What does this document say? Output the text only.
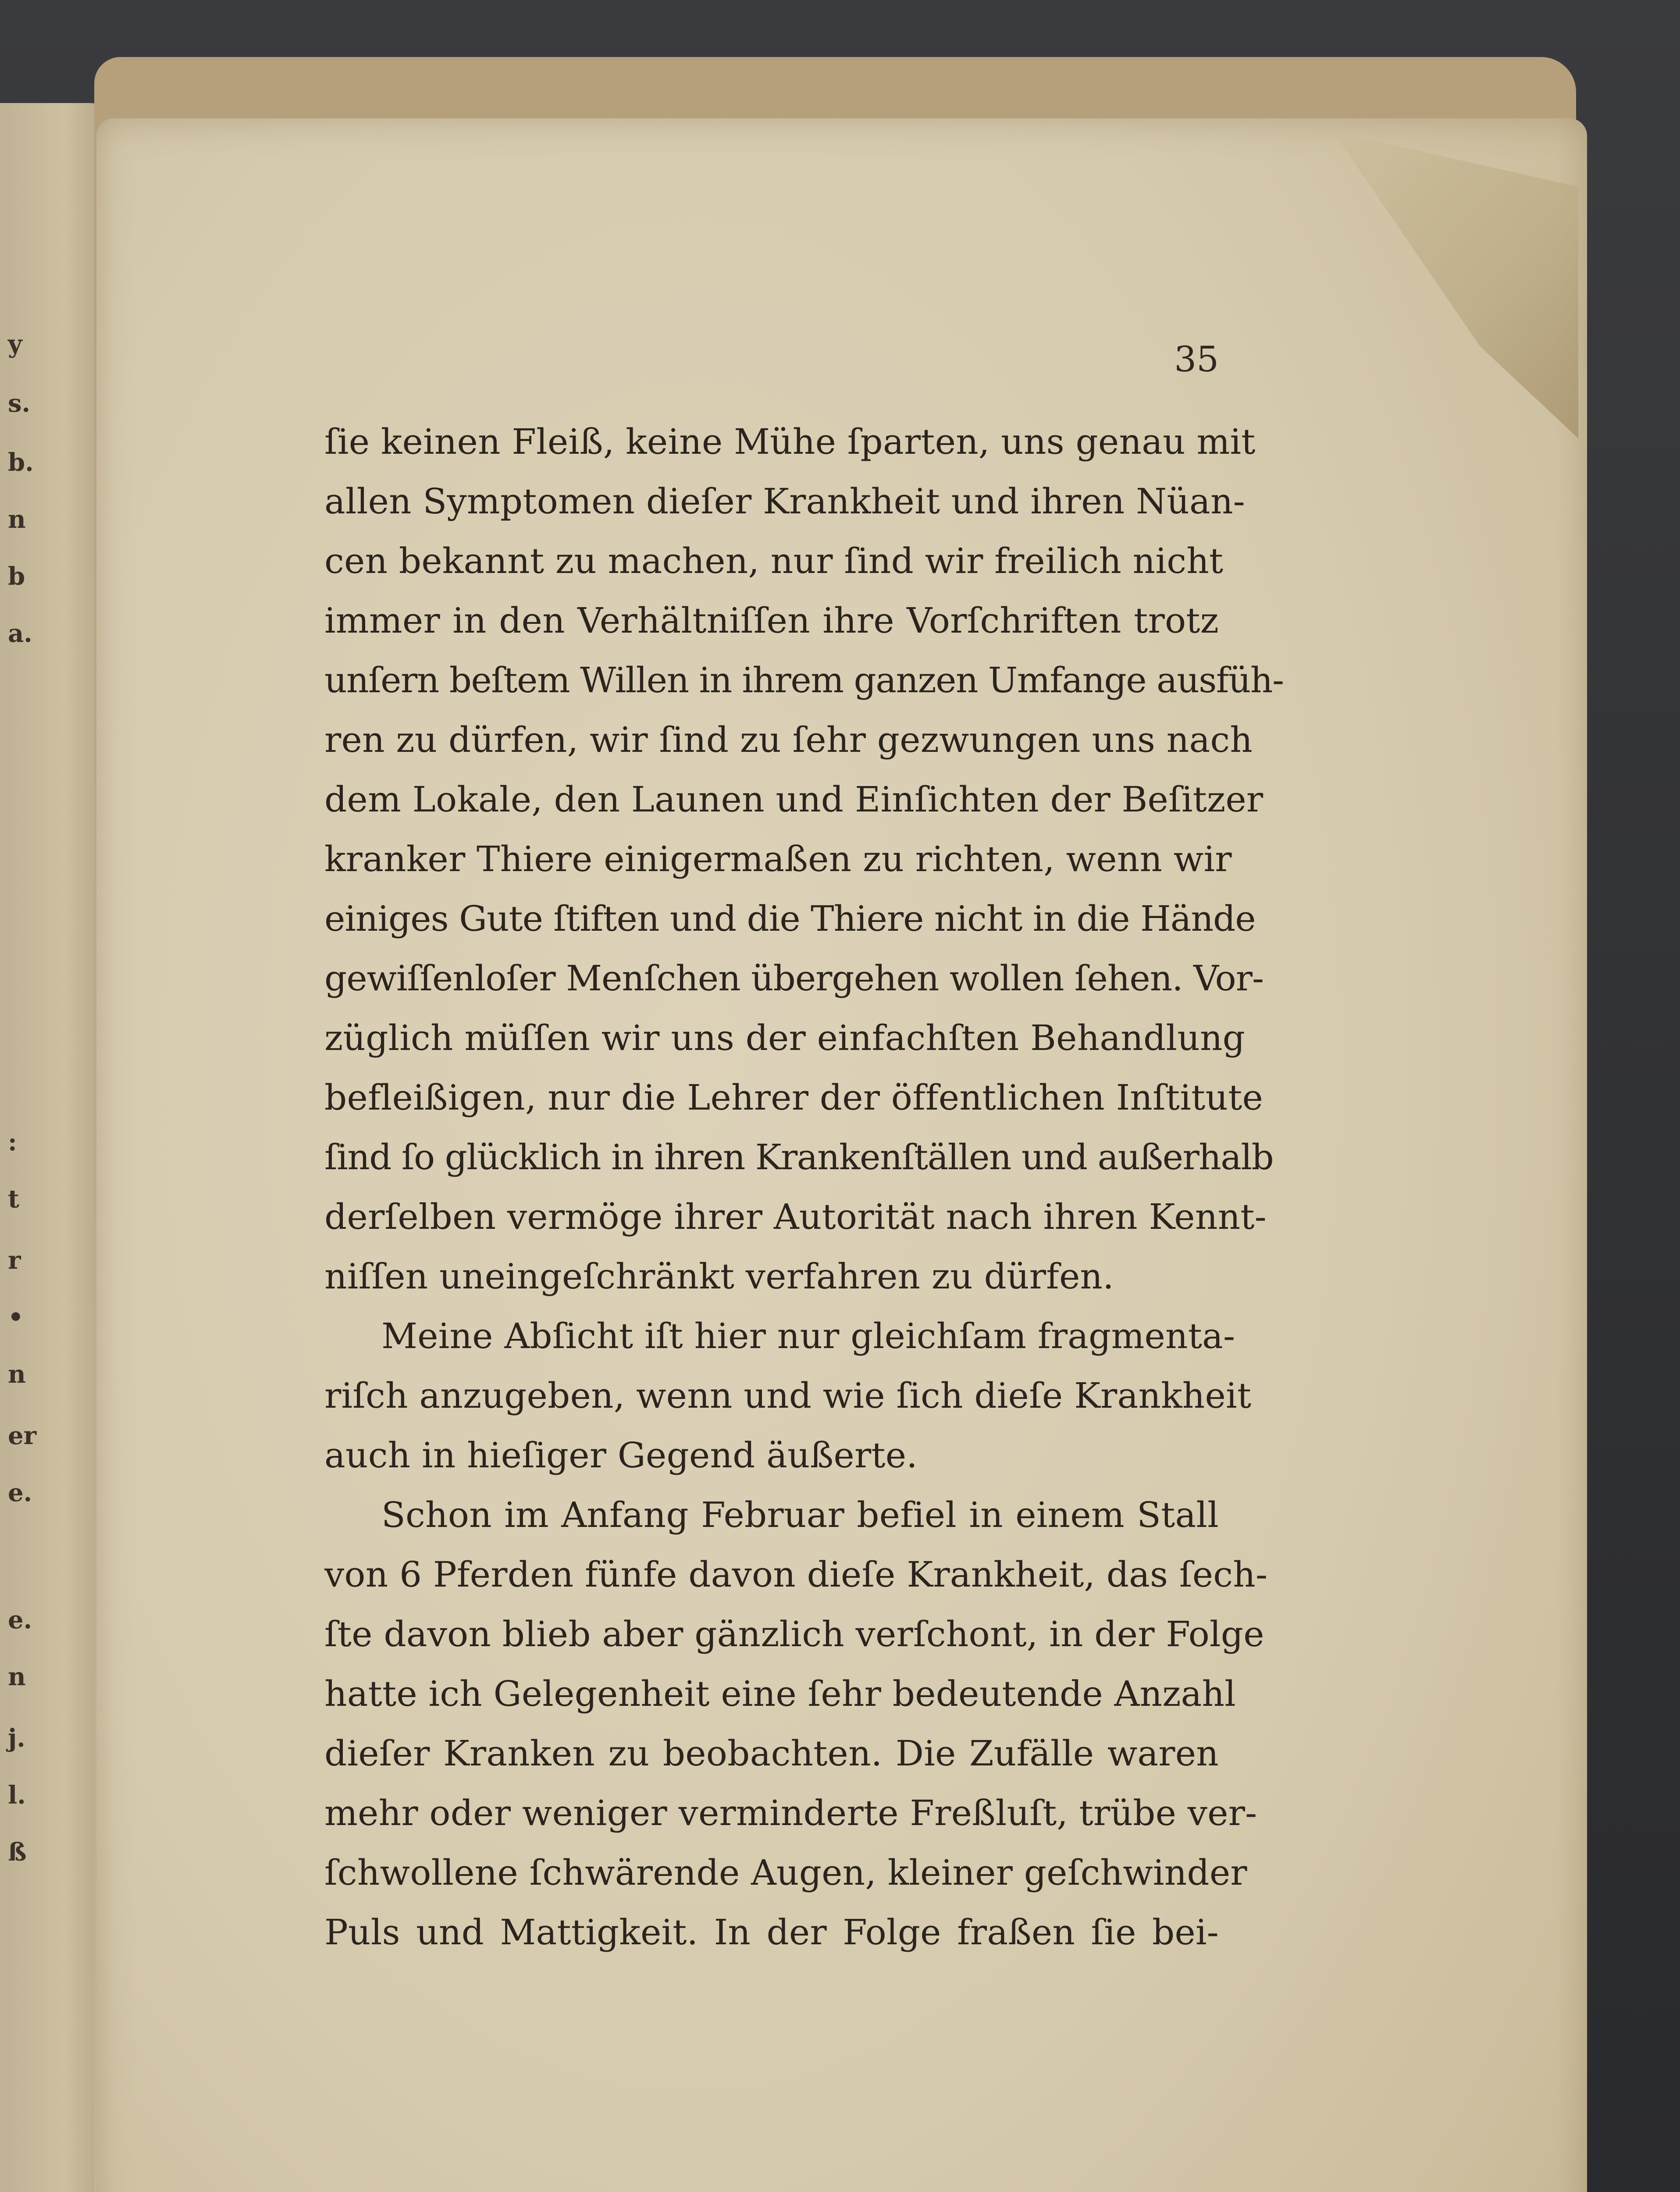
y
s.
b.
n
b
a.
:
t
r
•
n
er
e.
e.
n
j.
l.
ß
35
ſie keinen Fleiß, keine Mühe ſparten, uns genau mit
allen Symptomen dieſer Krankheit und ihren Nüan-
cen bekannt zu machen, nur ſind wir freilich nicht
immer in den Verhältniſſen ihre Vorſchriften trotz
unſern beſtem Willen in ihrem ganzen Umfange ausfüh-
ren zu dürfen, wir ſind zu ſehr gezwungen uns nach
dem Lokale, den Launen und Einſichten der Beſitzer
kranker Thiere einigermaßen zu richten, wenn wir
einiges Gute ſtiften und die Thiere nicht in die Hände
gewiſſenloſer Menſchen übergehen wollen ſehen. Vor-
züglich müſſen wir uns der einfachſten Behandlung
befleißigen, nur die Lehrer der öffentlichen Inſtitute
ſind ſo glücklich in ihren Krankenſtällen und außerhalb
derſelben vermöge ihrer Autorität nach ihren Kennt-
niſſen uneingeſchränkt verfahren zu dürfen.
Meine Abſicht iſt hier nur gleichſam fragmenta-
riſch anzugeben, wenn und wie ſich dieſe Krankheit
auch in hieſiger Gegend äußerte.
Schon im Anfang Februar befiel in einem Stall
von 6 Pferden fünfe davon dieſe Krankheit, das ſech-
ſte davon blieb aber gänzlich verſchont, in der Folge
hatte ich Gelegenheit eine ſehr bedeutende Anzahl
dieſer Kranken zu beobachten. Die Zufälle waren
mehr oder weniger verminderte Freßluſt, trübe ver-
ſchwollene ſchwärende Augen, kleiner geſchwinder
Puls und Mattigkeit. In der Folge fraßen ſie bei-
